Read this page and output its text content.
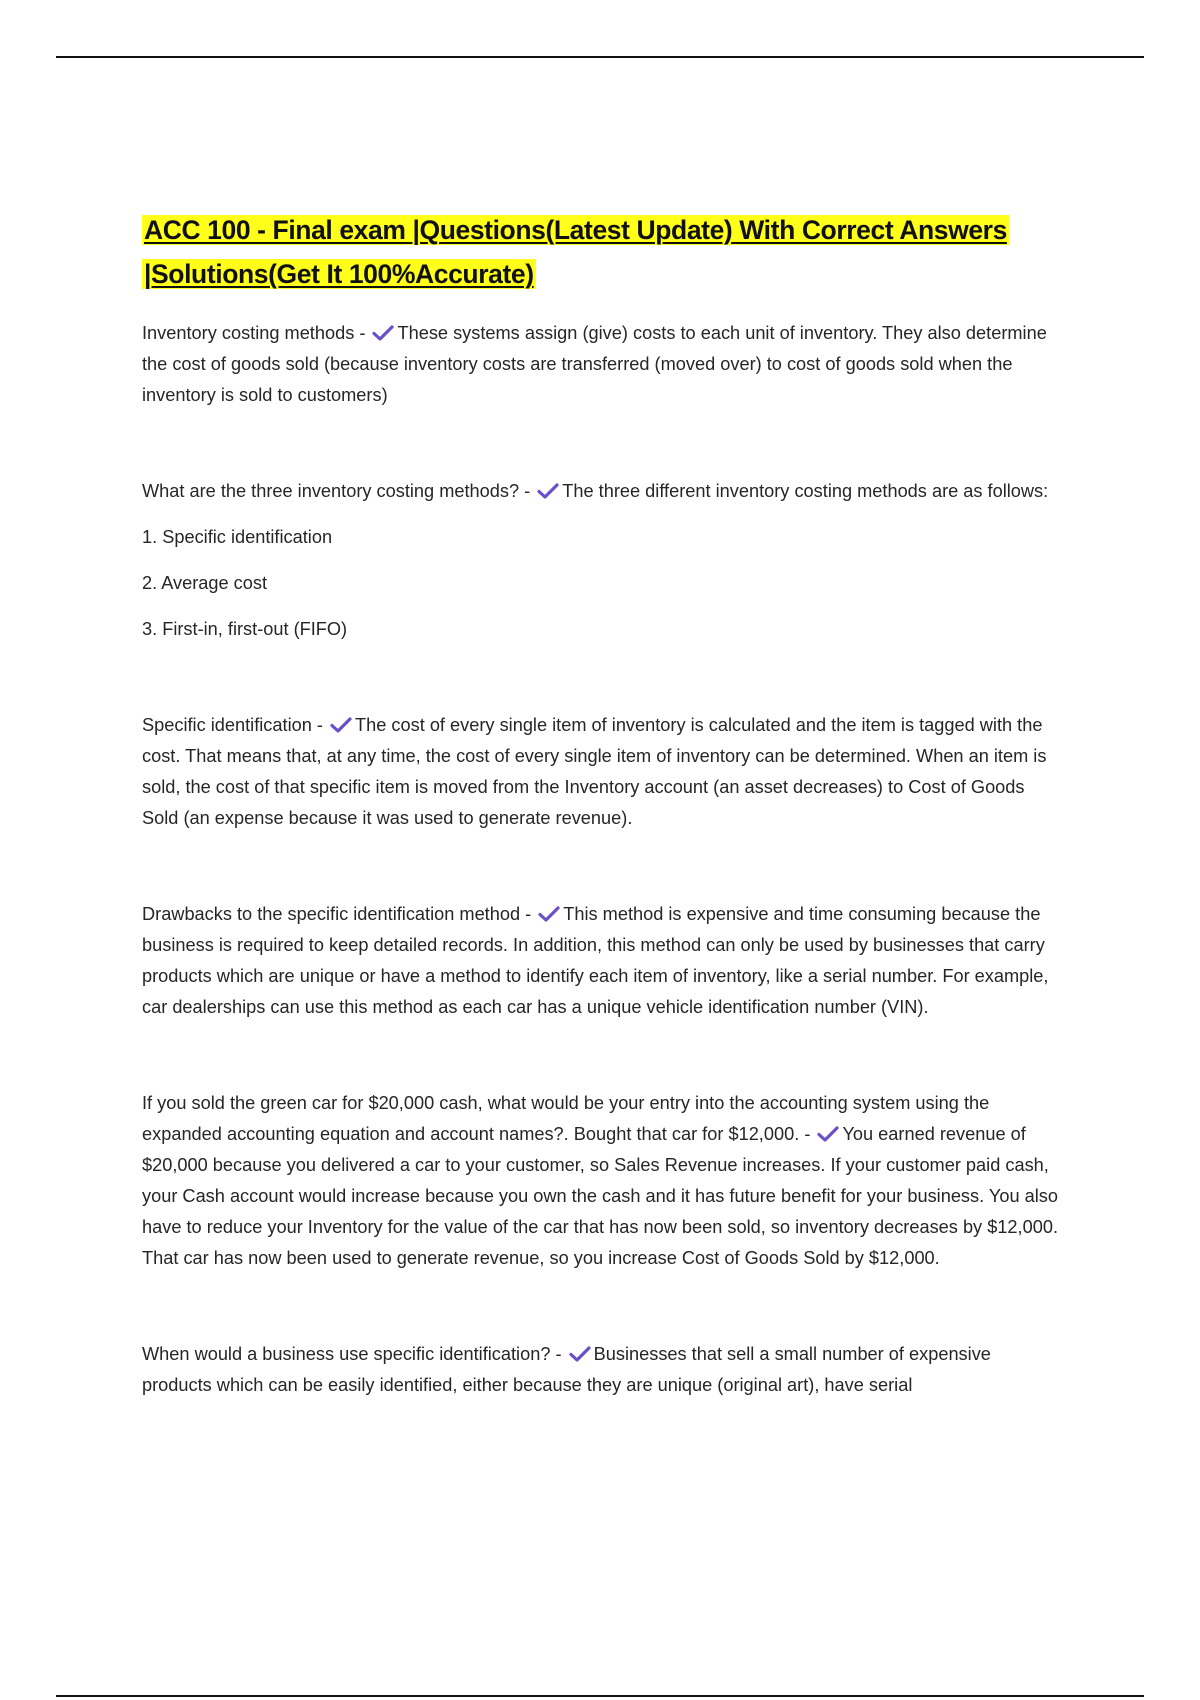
ACC 100 - Final exam |Questions(Latest Update) With Correct Answers |Solutions(Get It 100%Accurate)

Inventory costing methods -
These systems assign (give) costs to each unit of inventory. They also determine the cost of goods sold (because inventory costs are transferred (moved over) to cost of goods sold when the inventory is sold to customers)

What are the three inventory costing methods? -
The three different inventory costing methods are as follows:

1. Specific identification

2. Average cost

3. First-in, first-out (FIFO)

Specific identification -
The cost of every single item of inventory is calculated and the item is tagged with the cost. That means that, at any time, the cost of every single item of inventory can be determined. When an item is sold, the cost of that specific item is moved from the Inventory account (an asset decreases) to Cost of Goods Sold (an expense because it was used to generate revenue).

Drawbacks to the specific identification method -
This method is expensive and time consuming because the business is required to keep detailed records. In addition, this method can only be used by businesses that carry products which are unique or have a method to identify each item of inventory, like a serial number. For example, car dealerships can use this method as each car has a unique vehicle identification number (VIN).

If you sold the green car for $20,000 cash, what would be your entry into the accounting system using the expanded accounting equation and account names?. Bought that car for $12,000. -
You earned revenue of $20,000 because you delivered a car to your customer, so Sales Revenue increases. If your customer paid cash, your Cash account would increase because you own the cash and it has future benefit for your business. You also have to reduce your Inventory for the value of the car that has now been sold, so inventory decreases by $12,000. That car has now been used to generate revenue, so you increase Cost of Goods Sold by $12,000.

When would a business use specific identification? -
Businesses that sell a small number of expensive products which can be easily identified, either because they are unique (original art), have serial
